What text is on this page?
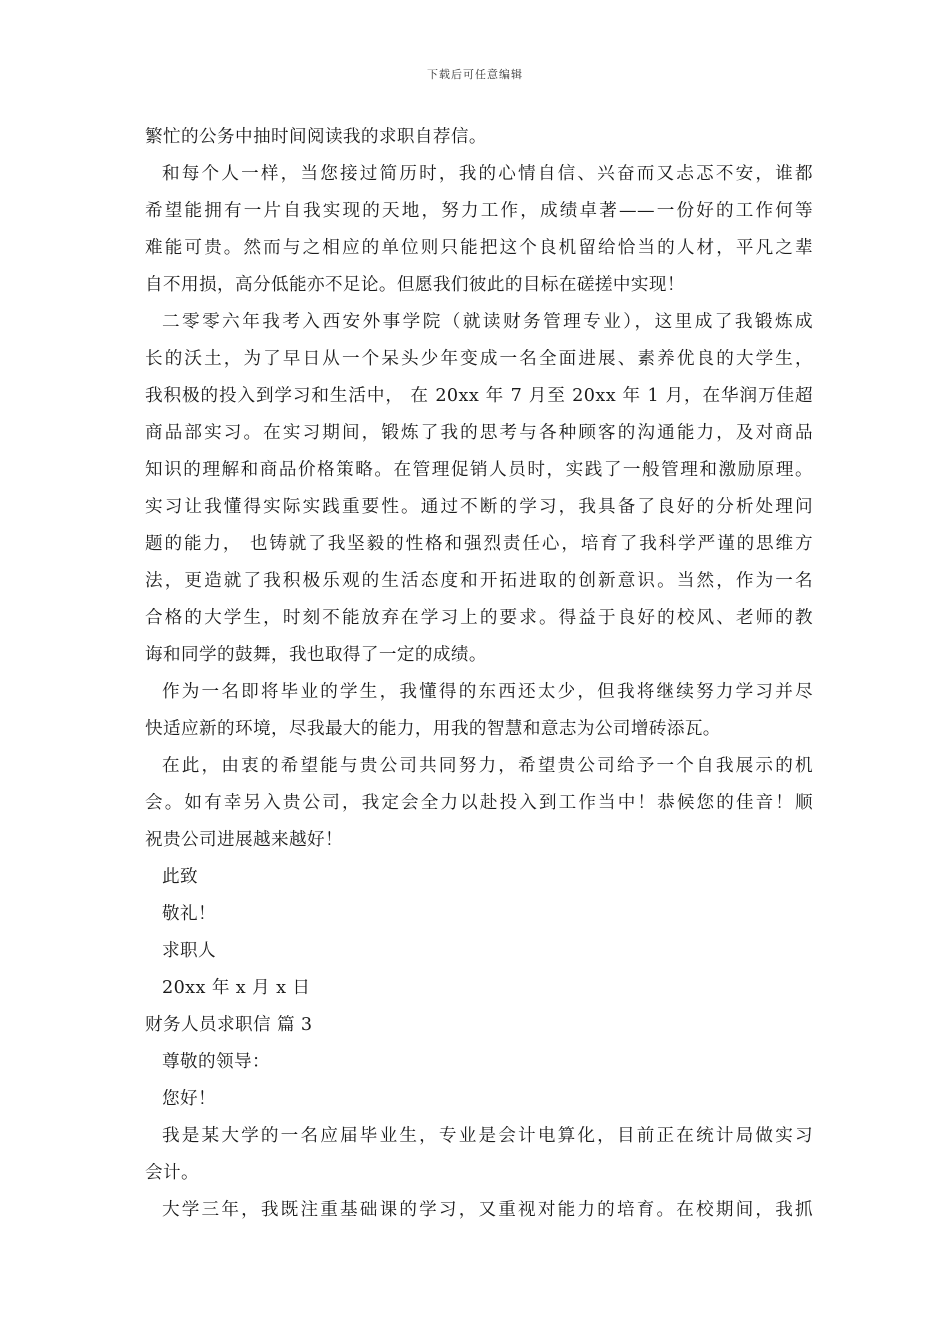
下载后可任意编辑
繁忙的公务中抽时间阅读我的求职自荐信。
和每个人一样，当您接过简历时，我的心情自信、兴奋而又忐忑不安，谁都
希望能拥有一片自我实现的天地，努力工作，成绩卓著——一份好的工作何等
难能可贵。然而与之相应的单位则只能把这个良机留给恰当的人材，平凡之辈
自不用损，高分低能亦不足论。但愿我们彼此的目标在磋搓中实现！
二零零六年我考入西安外事学院（就读财务管理专业），这里成了我锻炼成
长的沃土，为了早日从一个呆头少年变成一名全面进展、素养优良的大学生，
我积极的投入到学习和生活中， 在 20xx 年 7 月至 20xx 年 1 月，在华润万佳超
商品部实习。在实习期间，锻炼了我的思考与各种顾客的沟通能力，及对商品
知识的理解和商品价格策略。在管理促销人员时，实践了一般管理和激励原理。
实习让我懂得实际实践重要性。通过不断的学习，我具备了良好的分析处理问
题的能力， 也铸就了我坚毅的性格和强烈责任心，培育了我科学严谨的思维方
法，更造就了我积极乐观的生活态度和开拓进取的创新意识。当然，作为一名
合格的大学生，时刻不能放弃在学习上的要求。得益于良好的校风、老师的教
诲和同学的鼓舞，我也取得了一定的成绩。
作为一名即将毕业的学生，我懂得的东西还太少，但我将继续努力学习并尽
快适应新的环境，尽我最大的能力，用我的智慧和意志为公司增砖添瓦。
在此，由衷的希望能与贵公司共同努力，希望贵公司给予一个自我展示的机
会。如有幸另入贵公司，我定会全力以赴投入到工作当中！恭候您的佳音！顺
祝贵公司进展越来越好！
此致
敬礼！
求职人
20xx 年 x 月 x 日
财务人员求职信 篇 3
尊敬的领导：
您好！
我是某大学的一名应届毕业生，专业是会计电算化，目前正在统计局做实习
会计。
大学三年，我既注重基础课的学习，又重视对能力的培育。在校期间，我抓
